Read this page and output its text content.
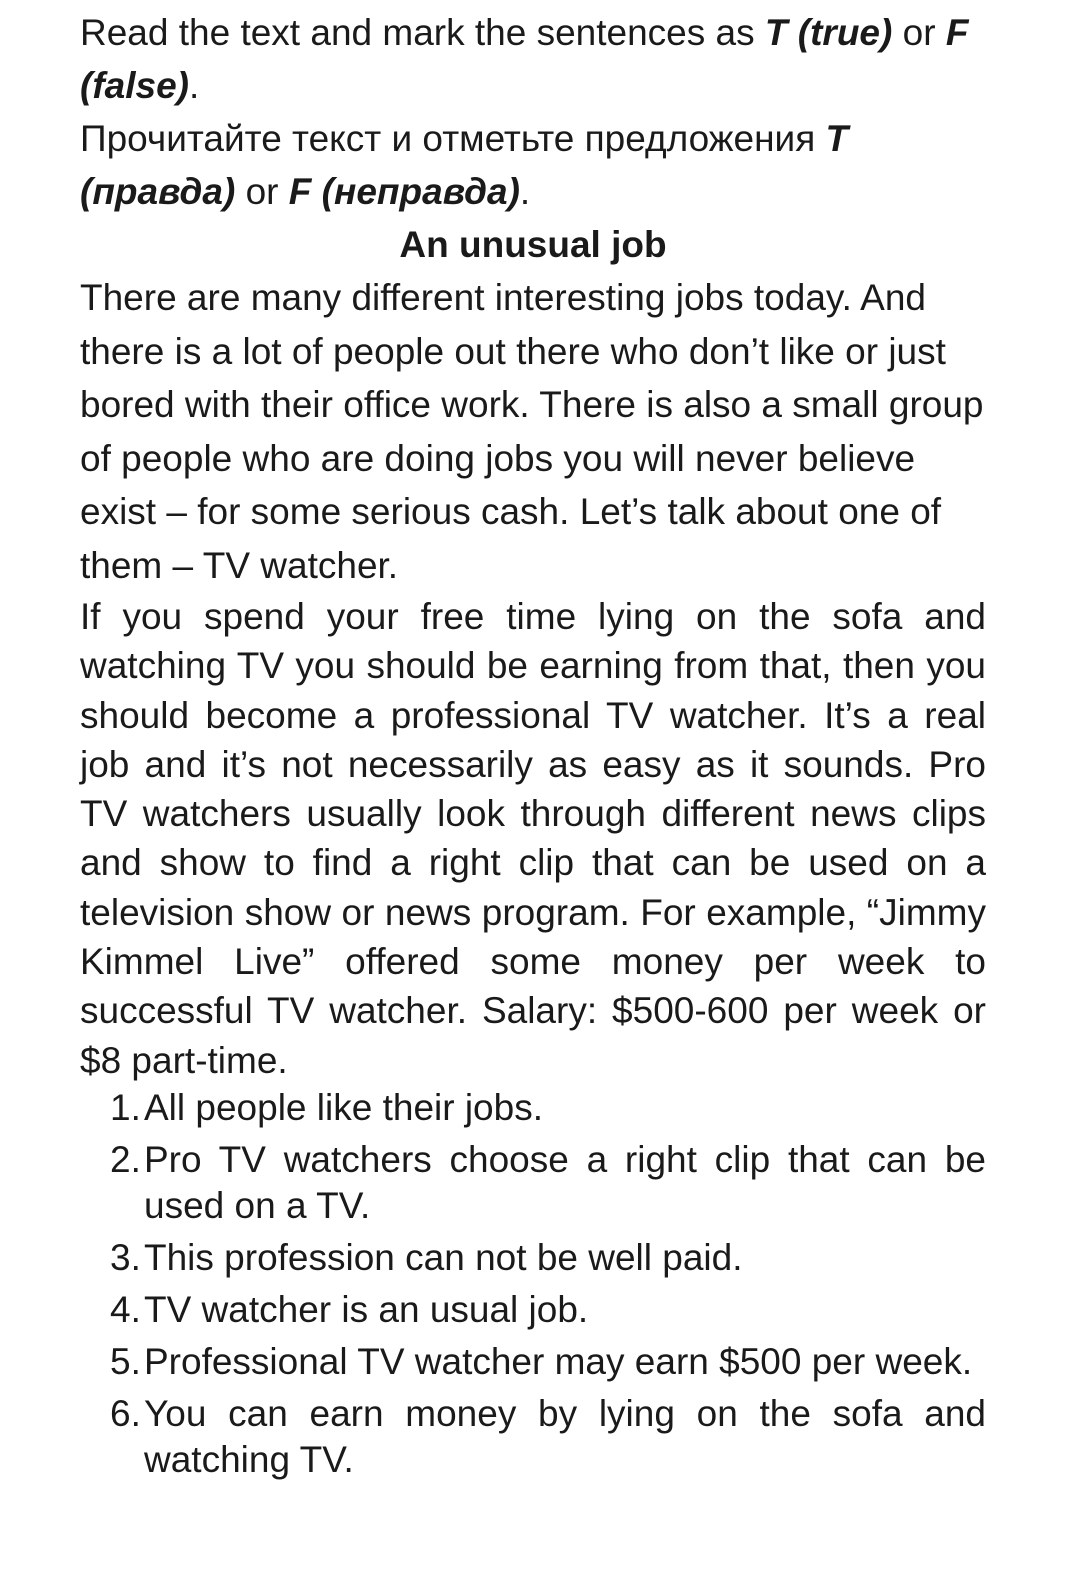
Read the text and mark the sentences as T (true) or F (false).

Прочитайте текст и отметьте предложения T (правда) or F (неправда).

An unusual job

There are many different interesting jobs today. And there is a lot of people out there who don’t like or just bored with their office work. There is also a small group of people who are doing jobs you will never believe exist – for some serious cash. Let’s talk about one of them – TV watcher.

If you spend your free time lying on the sofa and watching TV you should be earning from that, then you should become a professional TV watcher. It’s a real job and it’s not necessarily as easy as it sounds. Pro TV watchers usually look through different news clips and show to find a right clip that can be used on a television show or news program. For example, “Jimmy Kimmel Live” offered some money per week to successful TV watcher. Salary: $500-600 per week or $8 part-time.

1. All people like their jobs.
2. Pro TV watchers choose a right clip that can be used on a TV.
3. This profession can not be well paid.
4. TV watcher is an usual job.
5. Professional TV watcher may earn $500 per week.
6. You can earn money by lying on the sofa and watching TV.
